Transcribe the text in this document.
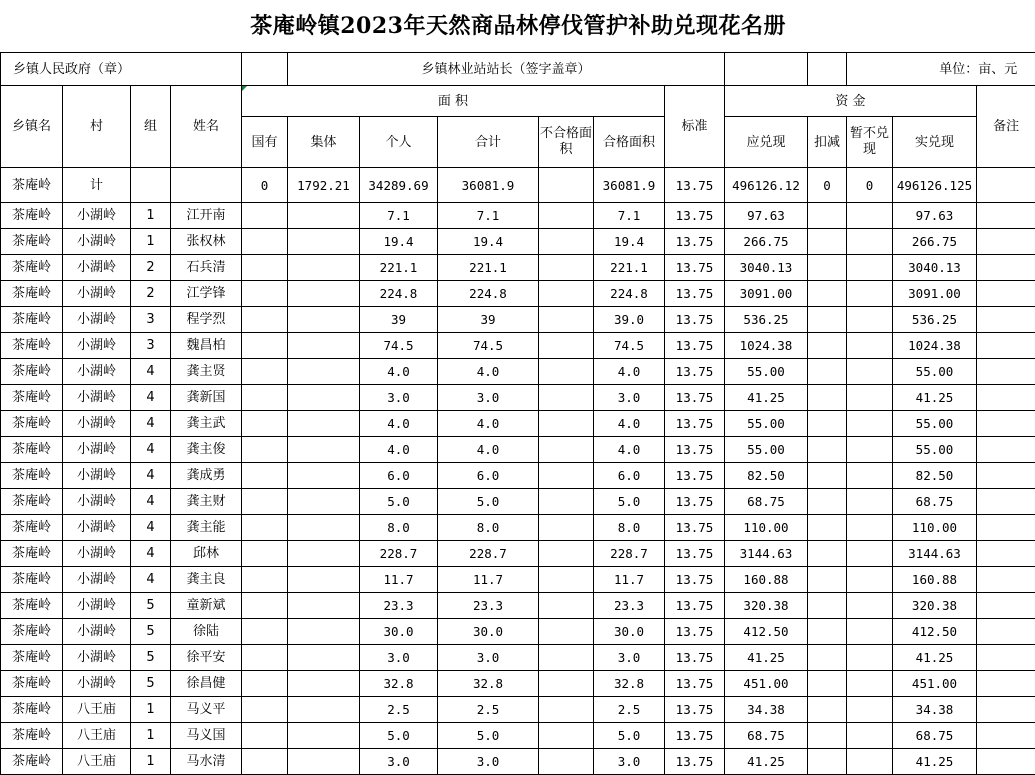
茶庵岭镇2023年天然商品林停伐管护补助兑现花名册															
乡镇人民政府（章）					乡镇林业站站长（签字盖章）								单位：亩、元		
乡镇名	村	组	姓名	面 积						标准	资 金				备注
				国有	集体	个人	合计	不合格面 积	合格面积		应兑现	扣减	暂不兑现	实兑现	
茶庵岭	计			0	1792.21	34289.69	36081.9		36081.9	13.75	496126.12	0	0	496126.125	
茶庵岭	小湖岭	1	江开南			7.1	7.1		7.1	13.75	97.63			97.63	
茶庵岭	小湖岭	1	张权林			19.4	19.4		19.4	13.75	266.75			266.75	
茶庵岭	小湖岭	2	石兵清			221.1	221.1		221.1	13.75	3040.13			3040.13	
茶庵岭	小湖岭	2	江学锋			224.8	224.8		224.8	13.75	3091.00			3091.00	
茶庵岭	小湖岭	3	程学烈			39	39		39.0	13.75	536.25			536.25	
茶庵岭	小湖岭	3	魏昌柏			74.5	74.5		74.5	13.75	1024.38			1024.38	
茶庵岭	小湖岭	4	龚主贤			4.0	4.0		4.0	13.75	55.00			55.00	
茶庵岭	小湖岭	4	龚新国			3.0	3.0		3.0	13.75	41.25			41.25	
茶庵岭	小湖岭	4	龚主武			4.0	4.0		4.0	13.75	55.00			55.00	
茶庵岭	小湖岭	4	龚主俊			4.0	4.0		4.0	13.75	55.00			55.00	
茶庵岭	小湖岭	4	龚成勇			6.0	6.0		6.0	13.75	82.50			82.50	
茶庵岭	小湖岭	4	龚主财			5.0	5.0		5.0	13.75	68.75			68.75	
茶庵岭	小湖岭	4	龚主能			8.0	8.0		8.0	13.75	110.00			110.00	
茶庵岭	小湖岭	4	邱林			228.7	228.7		228.7	13.75	3144.63			3144.63	
茶庵岭	小湖岭	4	龚主良			11.7	11.7		11.7	13.75	160.88			160.88	
茶庵岭	小湖岭	5	童新斌			23.3	23.3		23.3	13.75	320.38			320.38	
茶庵岭	小湖岭	5	徐陆			30.0	30.0		30.0	13.75	412.50			412.50	
茶庵岭	小湖岭	5	徐平安			3.0	3.0		3.0	13.75	41.25			41.25	
茶庵岭	小湖岭	5	徐昌健			32.8	32.8		32.8	13.75	451.00			451.00	
茶庵岭	八王庙	1	马义平			2.5	2.5		2.5	13.75	34.38			34.38	
茶庵岭	八王庙	1	马义国			5.0	5.0		5.0	13.75	68.75			68.75	
茶庵岭	八王庙	1	马水清			3.0	3.0		3.0	13.75	41.25			41.25	
